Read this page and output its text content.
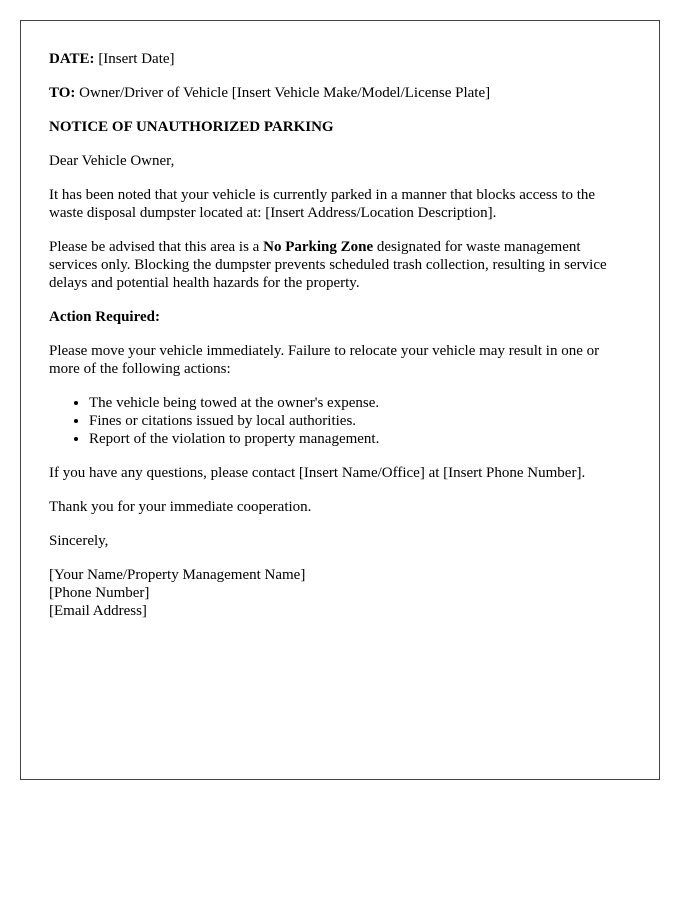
DATE: [Insert Date]

TO: Owner/Driver of Vehicle [Insert Vehicle Make/Model/License Plate]

NOTICE OF UNAUTHORIZED PARKING

Dear Vehicle Owner,

It has been noted that your vehicle is currently parked in a manner that blocks access to the waste disposal dumpster located at: [Insert Address/Location Description].

Please be advised that this area is a No Parking Zone designated for waste management services only. Blocking the dumpster prevents scheduled trash collection, resulting in service delays and potential health hazards for the property.

Action Required:

Please move your vehicle immediately. Failure to relocate your vehicle may result in one or more of the following actions:

• The vehicle being towed at the owner's expense.
• Fines or citations issued by local authorities.
• Report of the violation to property management.

If you have any questions, please contact [Insert Name/Office] at [Insert Phone Number].

Thank you for your immediate cooperation.

Sincerely,

[Your Name/Property Management Name]
[Phone Number]
[Email Address]
